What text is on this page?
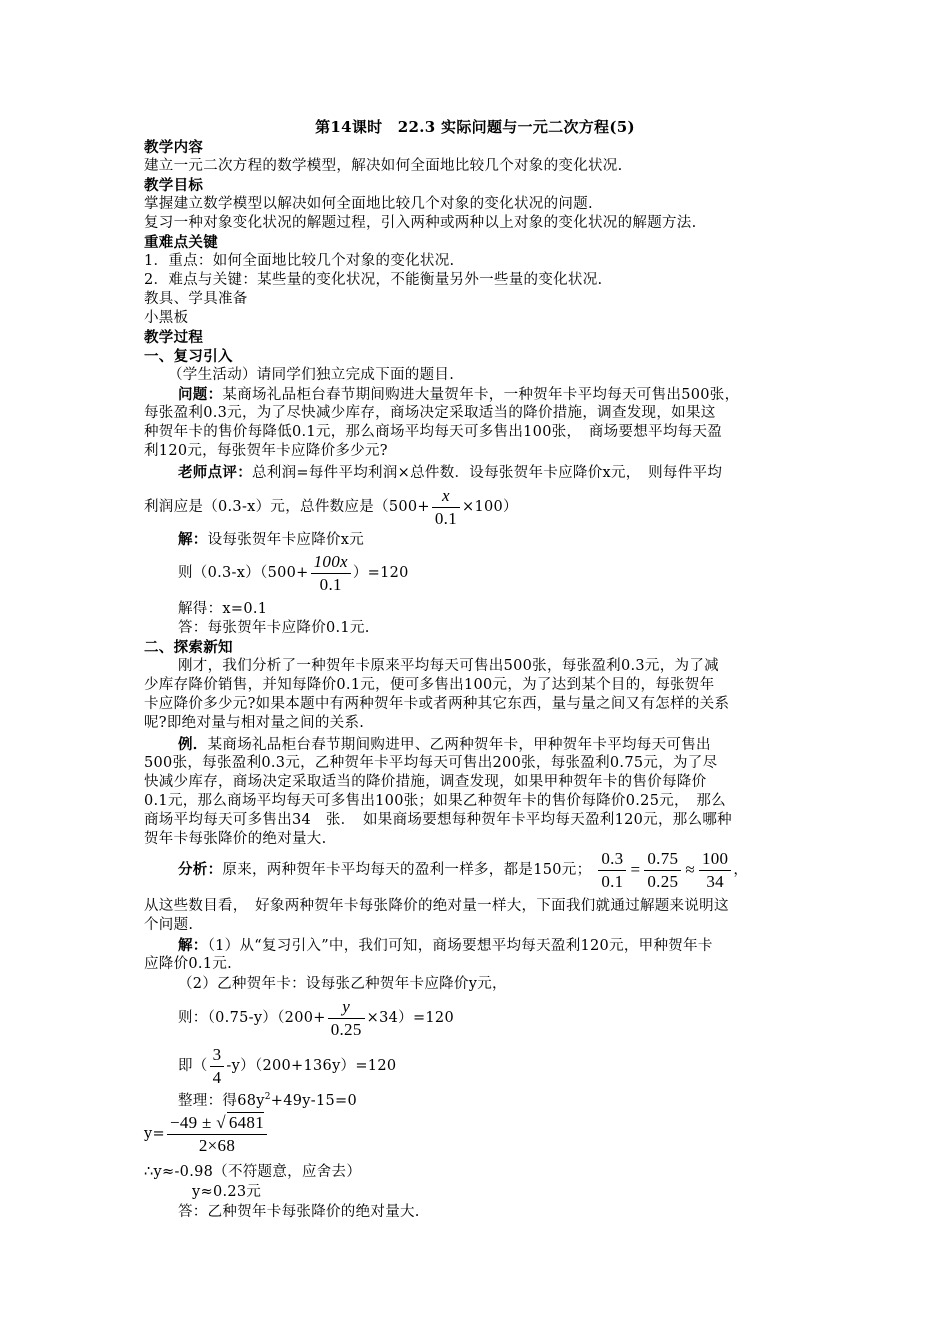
第14课时　22.3 实际问题与一元二次方程(5)
教学内容
建立一元二次方程的数学模型，解决如何全面地比较几个对象的变化状况.
教学目标
掌握建立数学模型以解决如何全面地比较几个对象的变化状况的问题.
复习一种对象变化状况的解题过程，引入两种或两种以上对象的变化状况的解题方法.
重难点关键
1．重点：如何全面地比较几个对象的变化状况.
2．难点与关键：某些量的变化状况，不能衡量另外一些量的变化状况.
教具、学具准备
小黑板
教学过程
一、复习引入
（学生活动）请同学们独立完成下面的题目.
问题：某商场礼品柜台春节期间购进大量贺年卡，一种贺年卡平均每天可售出500张，
每张盈利0.3元，为了尽快减少库存，商场决定采取适当的降价措施，调查发现，如果这
种贺年卡的售价每降低0.1元，那么商场平均每天可多售出100张，　商场要想平均每天盈
利120元，每张贺年卡应降价多少元?
老师点评：总利润=每件平均利润×总件数．设每张贺年卡应降价x元，　则每件平均
利润应是（0.3-x）元，总件数应是$(500+ \frac{x}{0.1} \times 100)$
解：设每张贺年卡应降价x元
则$(0.3-x)(500+ \frac{100x}{0.1} )=120$
解得：x=0.1
答：每张贺年卡应降价0.1元.
二、探索新知
刚才，我们分析了一种贺年卡原来平均每天可售出500张，每张盈利0.3元，为了减
少库存降价销售，并知每降价0.1元，便可多售出100元，为了达到某个目的，每张贺年
卡应降价多少元?如果本题中有两种贺年卡或者两种其它东西，量与量之间又有怎样的关系
呢?即绝对量与相对量之间的关系.
例．某商场礼品柜台春节期间购进甲、乙两种贺年卡，甲种贺年卡平均每天可售出
500张，每张盈利0.3元，乙种贺年卡平均每天可售出200张，每张盈利0.75元，为了尽
快减少库存，商场决定采取适当的降价措施，调查发现，如果甲种贺年卡的售价每降价
0.1元，那么商场平均每天可多售出100张；如果乙种贺年卡的售价每降价0.25元，　那么
商场平均每天可多售出34　张．　如果商场要想每种贺年卡平均每天盈利120元，那么哪种
贺年卡每张降价的绝对量大.
分析：原来，两种贺年卡平均每天的盈利一样多，都是150元； $\frac{0.3}{0.1} = \frac{0.75}{0.25} \approx \frac{100}{34}$ ，
从这些数目看，　好象两种贺年卡每张降价的绝对量一样大，下面我们就通过解题来说明这
个问题.
解：（1）从“复习引入”中，我们可知，商场要想平均每天盈利120元，甲种贺年卡
应降价0.1元.
（2）乙种贺年卡：设每张乙种贺年卡应降价y元，
则：$(0.75-y)(200+ \frac{y}{0.25} \times 34)=120$
即（ $\frac{3}{4} -y)(200+136y)=120$
整理：得$68y^2+49y-15=0$
$y= \frac{-49 \pm √ 6481}{2\times 68}$
∴y≈-0.98（不符题意，应舍去）
y≈0.23元
答：乙种贺年卡每张降价的绝对量大.
